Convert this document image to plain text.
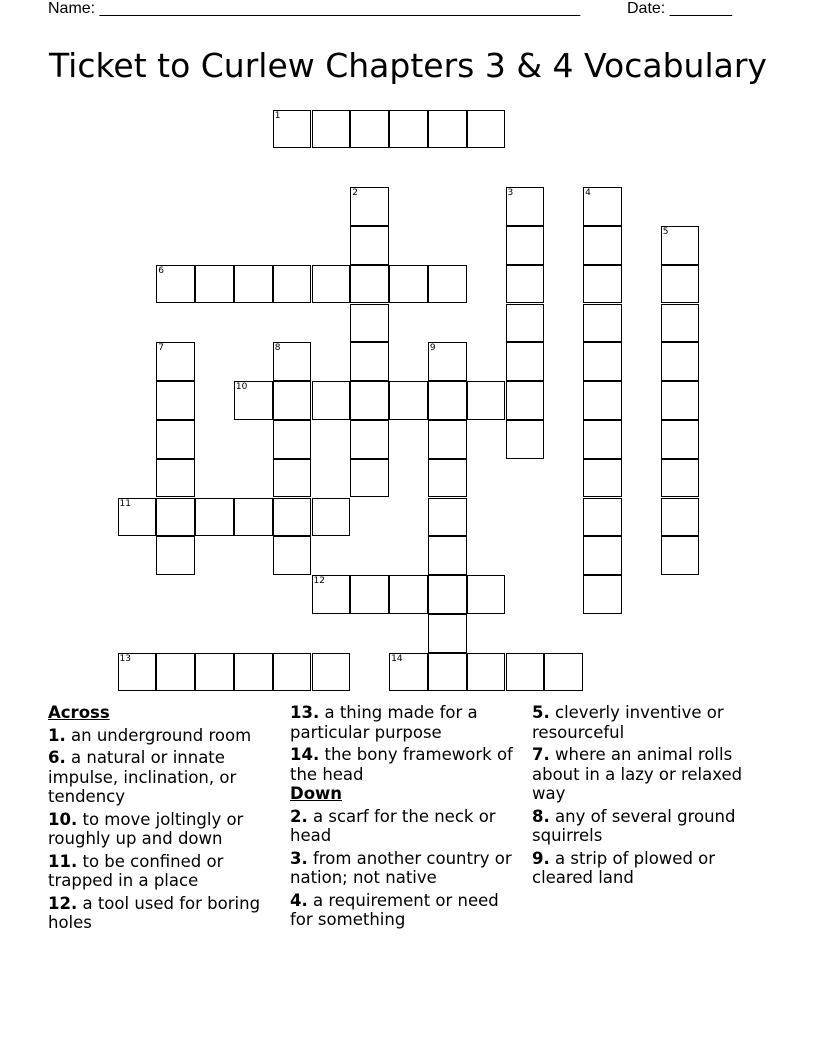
Name: ______________________________________________________	Date: _______
Ticket to Curlew Chapters 3 & 4 Vocabulary
1
2	3	4
5
6
7	8	9
10
11
12
13	14
Across
1. an underground room
6. a natural or innate impulse, inclination, or tendency
10. to move joltingly or roughly up and down
11. to be confined or trapped in a place
12. a tool used for boring holes
13. a thing made for a particular purpose
14. the bony framework of the head
Down
2. a scarf for the neck or head
3. from another country or nation; not native
4. a requirement or need for something
5. cleverly inventive or resourceful
7. where an animal rolls about in a lazy or relaxed way
8. any of several ground squirrels
9. a strip of plowed or cleared land
